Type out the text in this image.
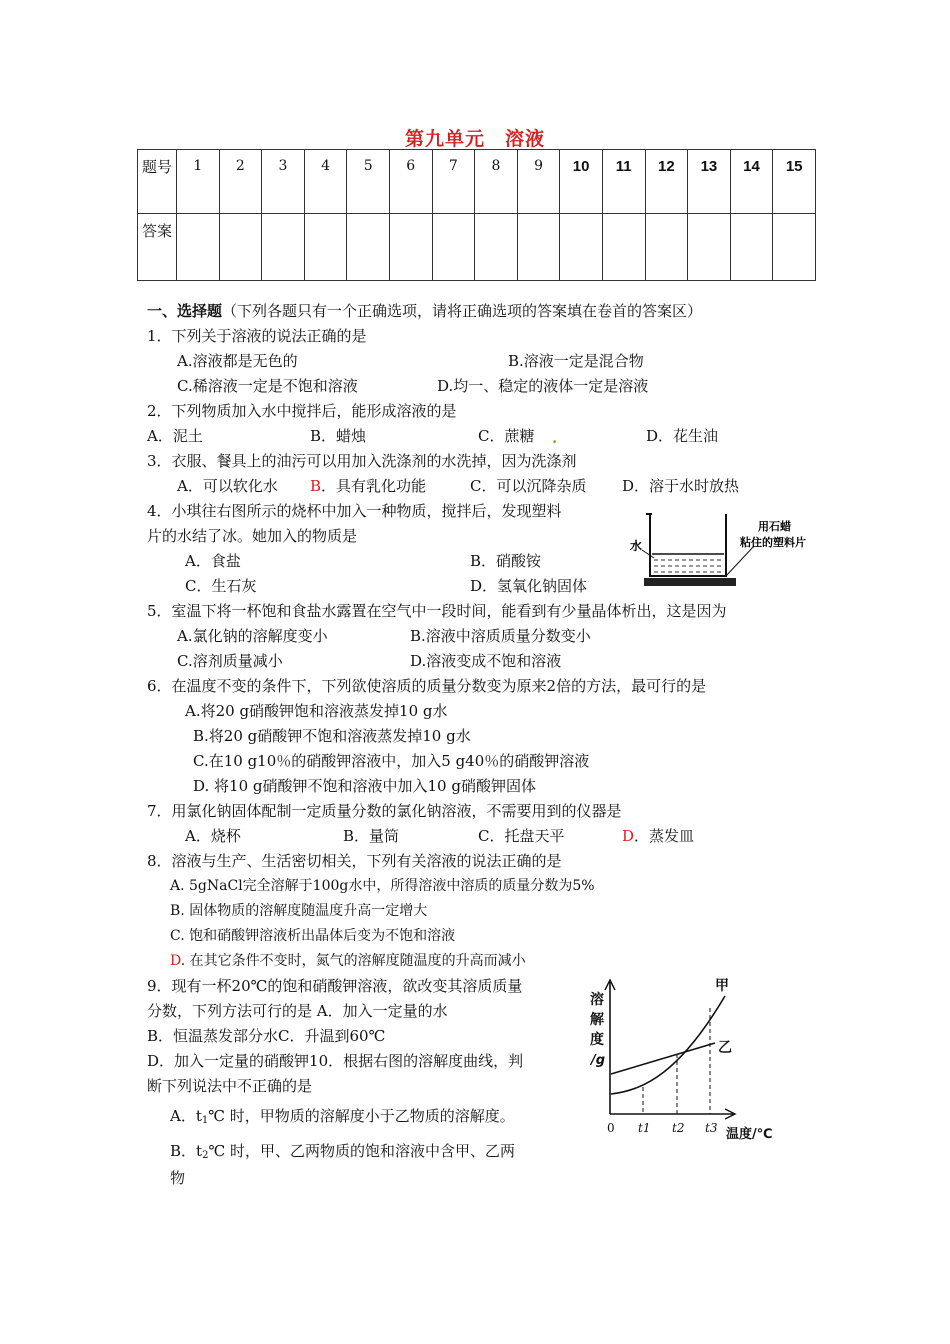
第九单元　溶液
题号	1	2	3	4	5	6	7	8	9	10	11	12	13	14	15
答案															
一、选择题（下列各题只有一个正确选项，请将正确选项的答案填在卷首的答案区）
1．下列关于溶液的说法正确的是
A.溶液都是无色的	B.溶液一定是混合物
C.稀溶液一定是不饱和溶液	D.均一、稳定的液体一定是溶液
2．下列物质加入水中搅拌后，能形成溶液的是
A．泥土	B．蜡烛	C．蔗糖 .	D．花生油
3．衣服、餐具上的油污可以用加入洗涤剂的水洗掉，因为洗涤剂
A．可以软化水 B．具有乳化功能	C．可以沉降杂质 D．溶于水时放热
4．小琪往右图所示的烧杯中加入一种物质，搅拌后，发现塑料
片的水结了冰。她加入的物质是
A．食盐	B．硝酸铵
C．生石灰	D．氢氧化钠固体
水
用石蜡
粘住的塑料片
5．室温下将一杯饱和食盐水露置在空气中一段时间，能看到有少量晶体析出，这是因为
A.氯化钠的溶解度变小	B.溶液中溶质质量分数变小
C.溶剂质量减小	D.溶液变成不饱和溶液
6．在温度不变的条件下，下列欲使溶质的质量分数变为原来2倍的方法，最可行的是
A.将20 g硝酸钾饱和溶液蒸发掉10 g水
B.将20 g硝酸钾不饱和溶液蒸发掉10 g水
C.在10 g10％的硝酸钾溶液中，加入5 g40％的硝酸钾溶液
D. 将10 g硝酸钾不饱和溶液中加入10 g硝酸钾固体
7．用氯化钠固体配制一定质量分数的氯化钠溶液，不需要用到的仪器是
A．烧杯	B．量筒	C．托盘天平	D．蒸发皿
8．溶液与生产、生活密切相关，下列有关溶液的说法正确的是
A. 5gNaCl完全溶解于100g水中，所得溶液中溶质的质量分数为5%
B. 固体物质的溶解度随温度升高一定增大
C. 饱和硝酸钾溶液析出晶体后变为不饱和溶液
D. 在其它条件不变时，氮气的溶解度随温度的升高而减小
9．现有一杯20℃的饱和硝酸钾溶液，欲改变其溶质质量
分数，下列方法可行的是 A．加入一定量的水
B．恒温蒸发部分水C．升温到60℃
D．加入一定量的硝酸钾10．根据右图的溶解度曲线，判
断下列说法中不正确的是
A．$t_1℃$ 时，甲物质的溶解度小于乙物质的溶解度。
B．$t_2℃$ 时，甲、乙两物质的饱和溶液中含甲、乙两
物
溶
解
度
/g
甲
乙
温度/℃
0 t1 t2 t3
